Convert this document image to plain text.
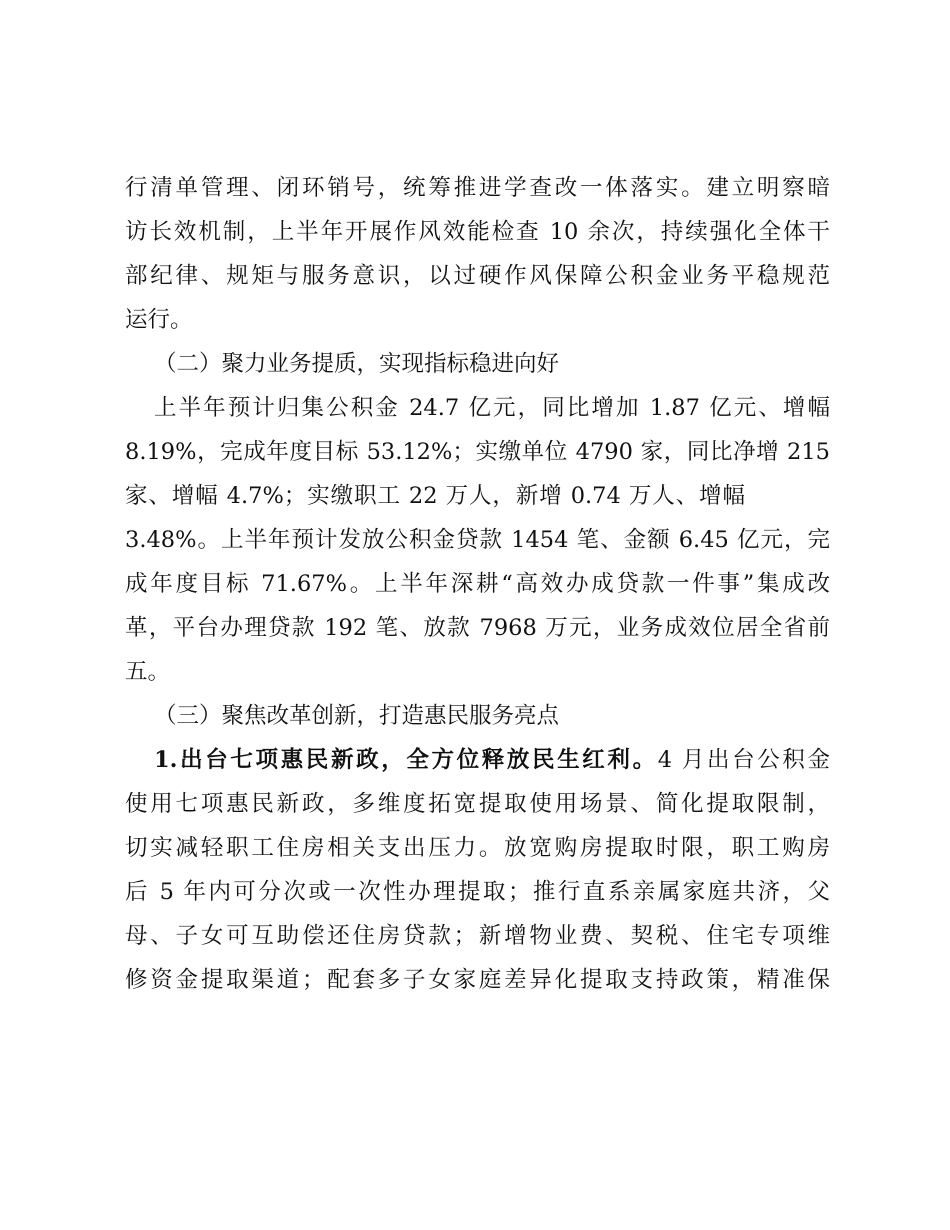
行清单管理、闭环销号，统筹推进学查改一体落实。建立明察暗
访长效机制，上半年开展作风效能检查 10 余次，持续强化全体干
部纪律、规矩与服务意识，以过硬作风保障公积金业务平稳规范
运行。
（二）聚力业务提质，实现指标稳进向好
上半年预计归集公积金 24.7 亿元，同比增加 1.87 亿元、增幅
8.19%，完成年度目标 53.12%；实缴单位 4790 家，同比净增 215
家、增幅 4.7%；实缴职工 22 万人，新增 0.74 万人、增幅
3.48%。上半年预计发放公积金贷款 1454 笔、金额 6.45 亿元，完
成年度目标 71.67%。上半年深耕“高效办成贷款一件事”集成改
革，平台办理贷款 192 笔、放款 7968 万元，业务成效位居全省前
五。
（三）聚焦改革创新，打造惠民服务亮点
1.出台七项惠民新政，全方位释放民生红利。4 月出台公积金
使用七项惠民新政，多维度拓宽提取使用场景、简化提取限制，
切实减轻职工住房相关支出压力。放宽购房提取时限，职工购房
后 5 年内可分次或一次性办理提取；推行直系亲属家庭共济，父
母、子女可互助偿还住房贷款；新增物业费、契税、住宅专项维
修资金提取渠道；配套多子女家庭差异化提取支持政策，精准保
